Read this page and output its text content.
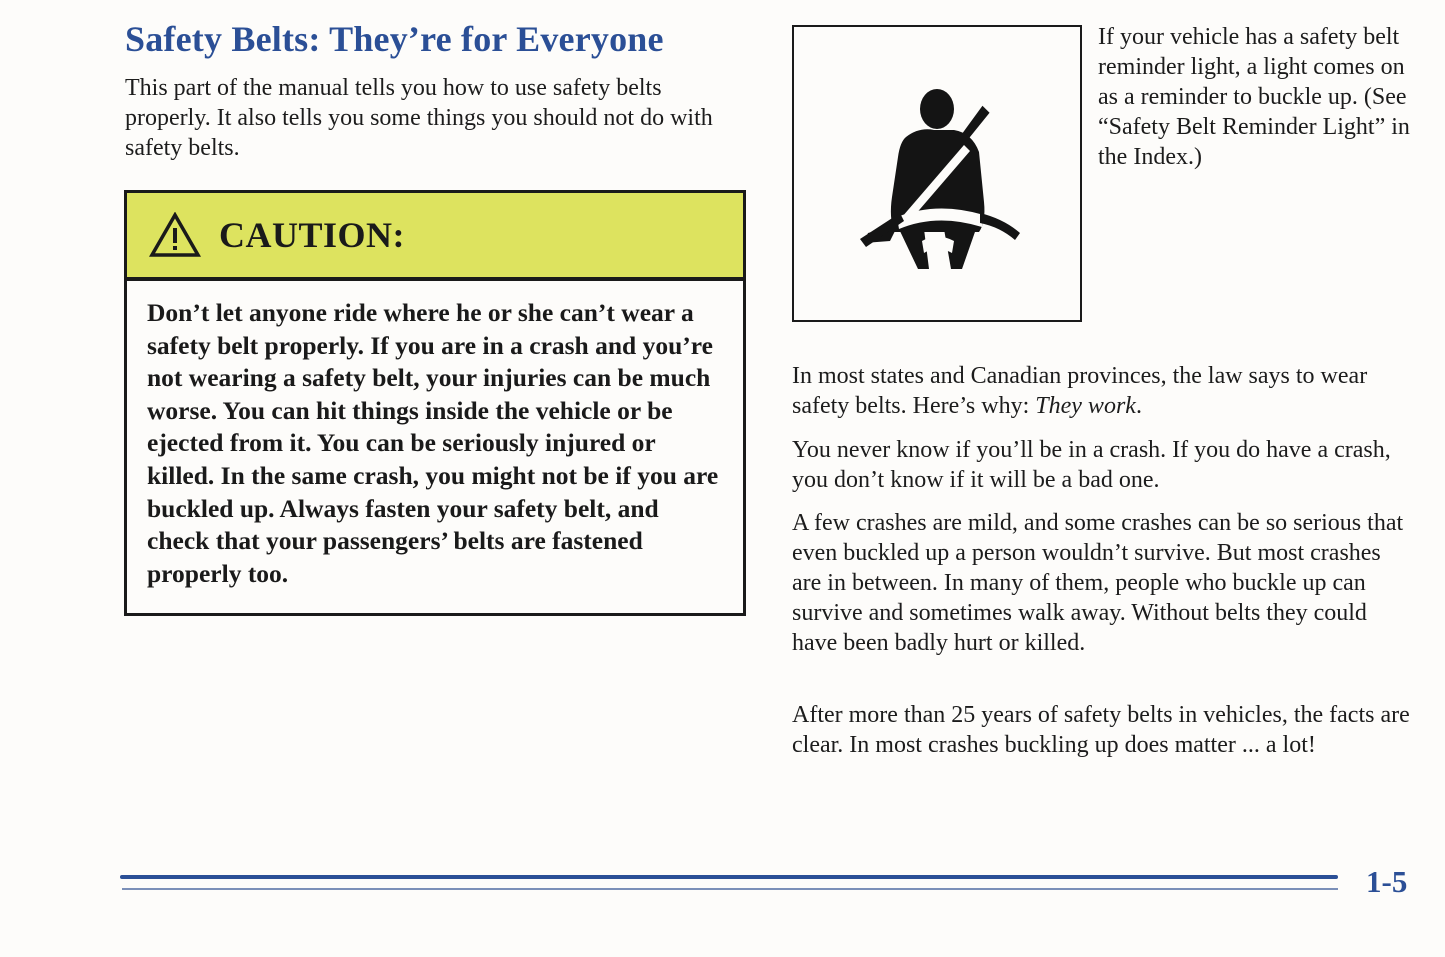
Safety Belts: They’re for Everyone

This part of the manual tells you how to use safety belts properly. It also tells you some things you should not do with safety belts.

CAUTION:

Don’t let anyone ride where he or she can’t wear a safety belt properly. If you are in a crash and you’re not wearing a safety belt, your injuries can be much worse. You can hit things inside the vehicle or be ejected from it. You can be seriously injured or killed. In the same crash, you might not be if you are buckled up. Always fasten your safety belt, and check that your passengers’ belts are fastened properly too.

If your vehicle has a safety belt reminder light, a light comes on as a reminder to buckle up. (See “Safety Belt Reminder Light” in the Index.)

In most states and Canadian provinces, the law says to wear safety belts. Here’s why: They work.

You never know if you’ll be in a crash. If you do have a crash, you don’t know if it will be a bad one.

A few crashes are mild, and some crashes can be so serious that even buckled up a person wouldn’t survive. But most crashes are in between. In many of them, people who buckle up can survive and sometimes walk away. Without belts they could have been badly hurt or killed.

After more than 25 years of safety belts in vehicles, the facts are clear. In most crashes buckling up does matter ... a lot!

1-5
